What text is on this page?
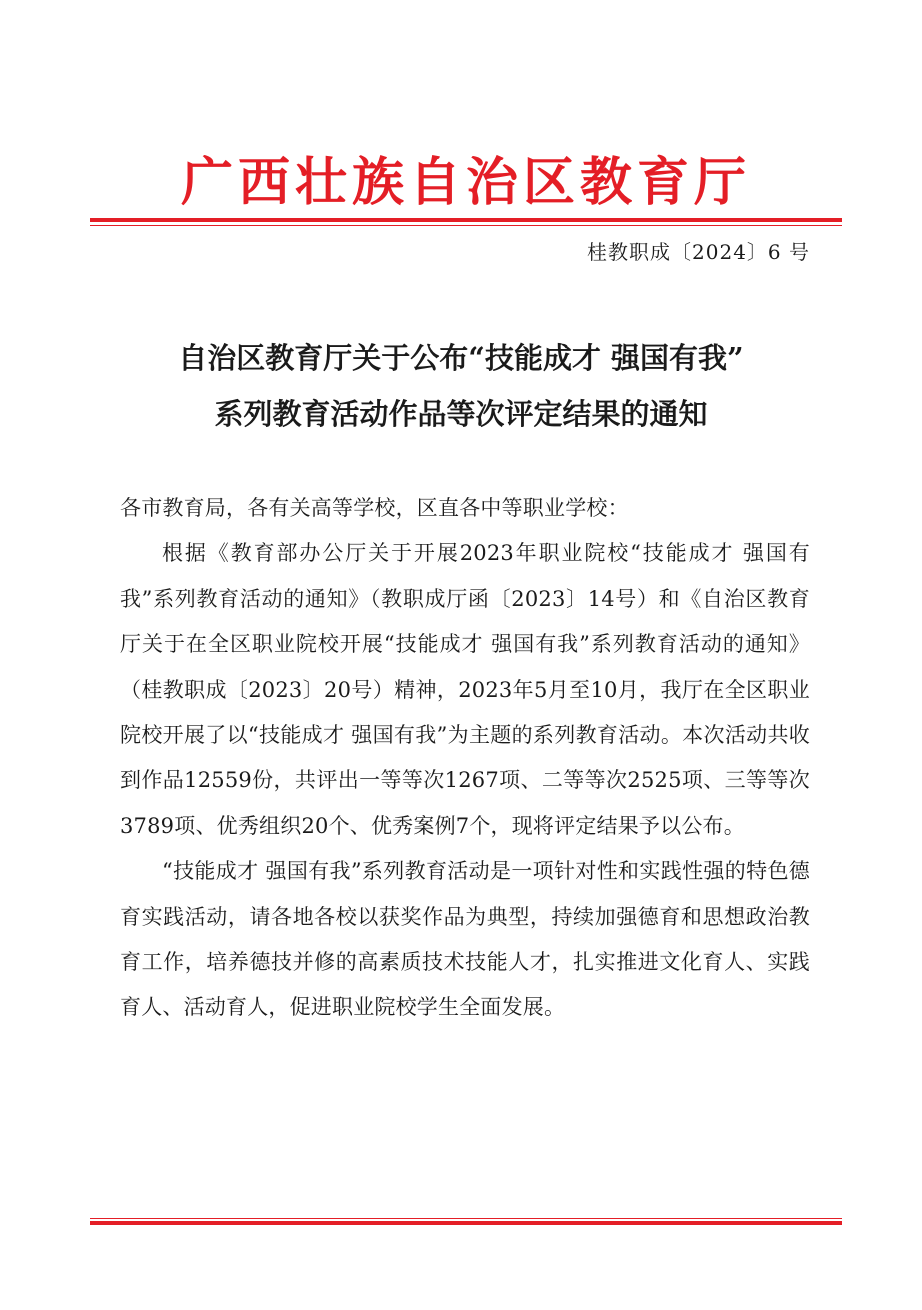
广西壮族自治区教育厅
桂教职成〔2024〕6 号
自治区教育厅关于公布“技能成才 强国有我”
系列教育活动作品等次评定结果的通知

各市教育局，各有关高等学校，区直各中等职业学校：

根据《教育部办公厅关于开展2023年职业院校“技能成才 强国有我”系列教育活动的通知》（教职成厅函〔2023〕14号）和《自治区教育厅关于在全区职业院校开展“技能成才 强国有我”系列教育活动的通知》（桂教职成〔2023〕20号）精神，2023年5月至10月，我厅在全区职业院校开展了以“技能成才 强国有我”为主题的系列教育活动。本次活动共收到作品12559份，共评出一等等次1267项、二等等次2525项、三等等次3789项、优秀组织20个、优秀案例7个，现将评定结果予以公布。

“技能成才 强国有我”系列教育活动是一项针对性和实践性强的特色德育实践活动，请各地各校以获奖作品为典型，持续加强德育和思想政治教育工作，培养德技并修的高素质技术技能人才，扎实推进文化育人、实践育人、活动育人，促进职业院校学生全面发展。
